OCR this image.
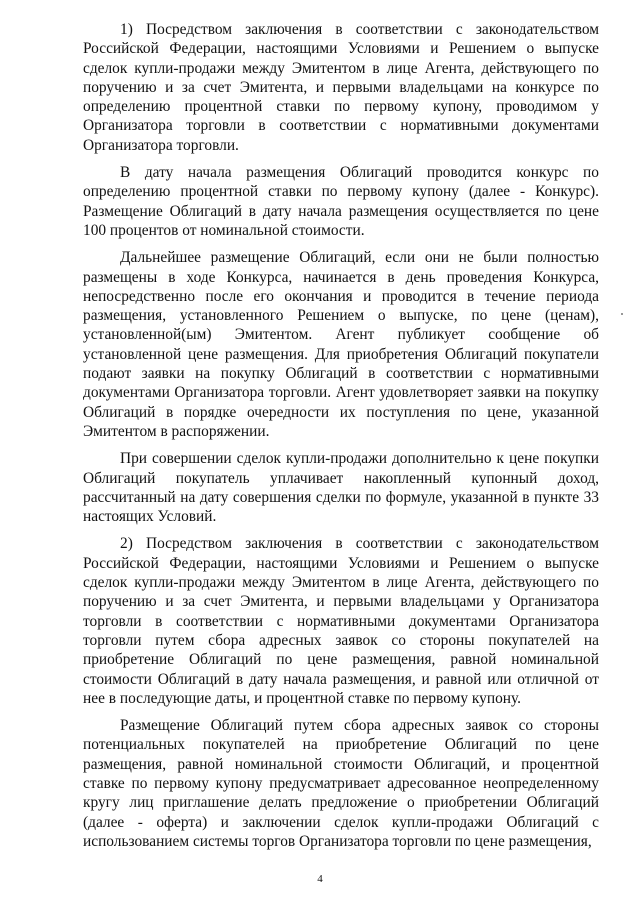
1) Посредством заключения в соответствии с законодательством Российской Федерации, настоящими Условиями и Решением о выпуске сделок купли-продажи между Эмитентом в лице Агента, действующего по поручению и за счет Эмитента, и первыми владельцами на конкурсе по определению процентной ставки по первому купону, проводимом у Организатора торговли в соответствии с нормативными документами Организатора торговли.

В дату начала размещения Облигаций проводится конкурс по определению процентной ставки по первому купону (далее - Конкурс). Размещение Облигаций в дату начала размещения осуществляется по цене 100 процентов от номинальной стоимости.

Дальнейшее размещение Облигаций, если они не были полностью размещены в ходе Конкурса, начинается в день проведения Конкурса, непосредственно после его окончания и проводится в течение периода размещения, установленного Решением о выпуске, по цене (ценам), установленной(ым) Эмитентом. Агент публикует сообщение об установленной цене размещения. Для приобретения Облигаций покупатели подают заявки на покупку Облигаций в соответствии с нормативными документами Организатора торговли. Агент удовлетворяет заявки на покупку Облигаций в порядке очередности их поступления по цене, указанной Эмитентом в распоряжении.

При совершении сделок купли-продажи дополнительно к цене покупки Облигаций покупатель уплачивает накопленный купонный доход, рассчитанный на дату совершения сделки по формуле, указанной в пункте 33 настоящих Условий.

2) Посредством заключения в соответствии с законодательством Российской Федерации, настоящими Условиями и Решением о выпуске сделок купли-продажи между Эмитентом в лице Агента, действующего по поручению и за счет Эмитента, и первыми владельцами у Организатора торговли в соответствии с нормативными документами Организатора торговли путем сбора адресных заявок со стороны покупателей на приобретение Облигаций по цене размещения, равной номинальной стоимости Облигаций в дату начала размещения, и равной или отличной от нее в последующие даты, и процентной ставке по первому купону.

Размещение Облигаций путем сбора адресных заявок со стороны потенциальных покупателей на приобретение Облигаций по цене размещения, равной номинальной стоимости Облигаций, и процентной ставке по первому купону предусматривает адресованное неопределенному кругу лиц приглашение делать предложение о приобретении Облигаций (далее - оферта) и заключении сделок купли-продажи Облигаций с использованием системы торгов Организатора торговли по цене размещения,

4
